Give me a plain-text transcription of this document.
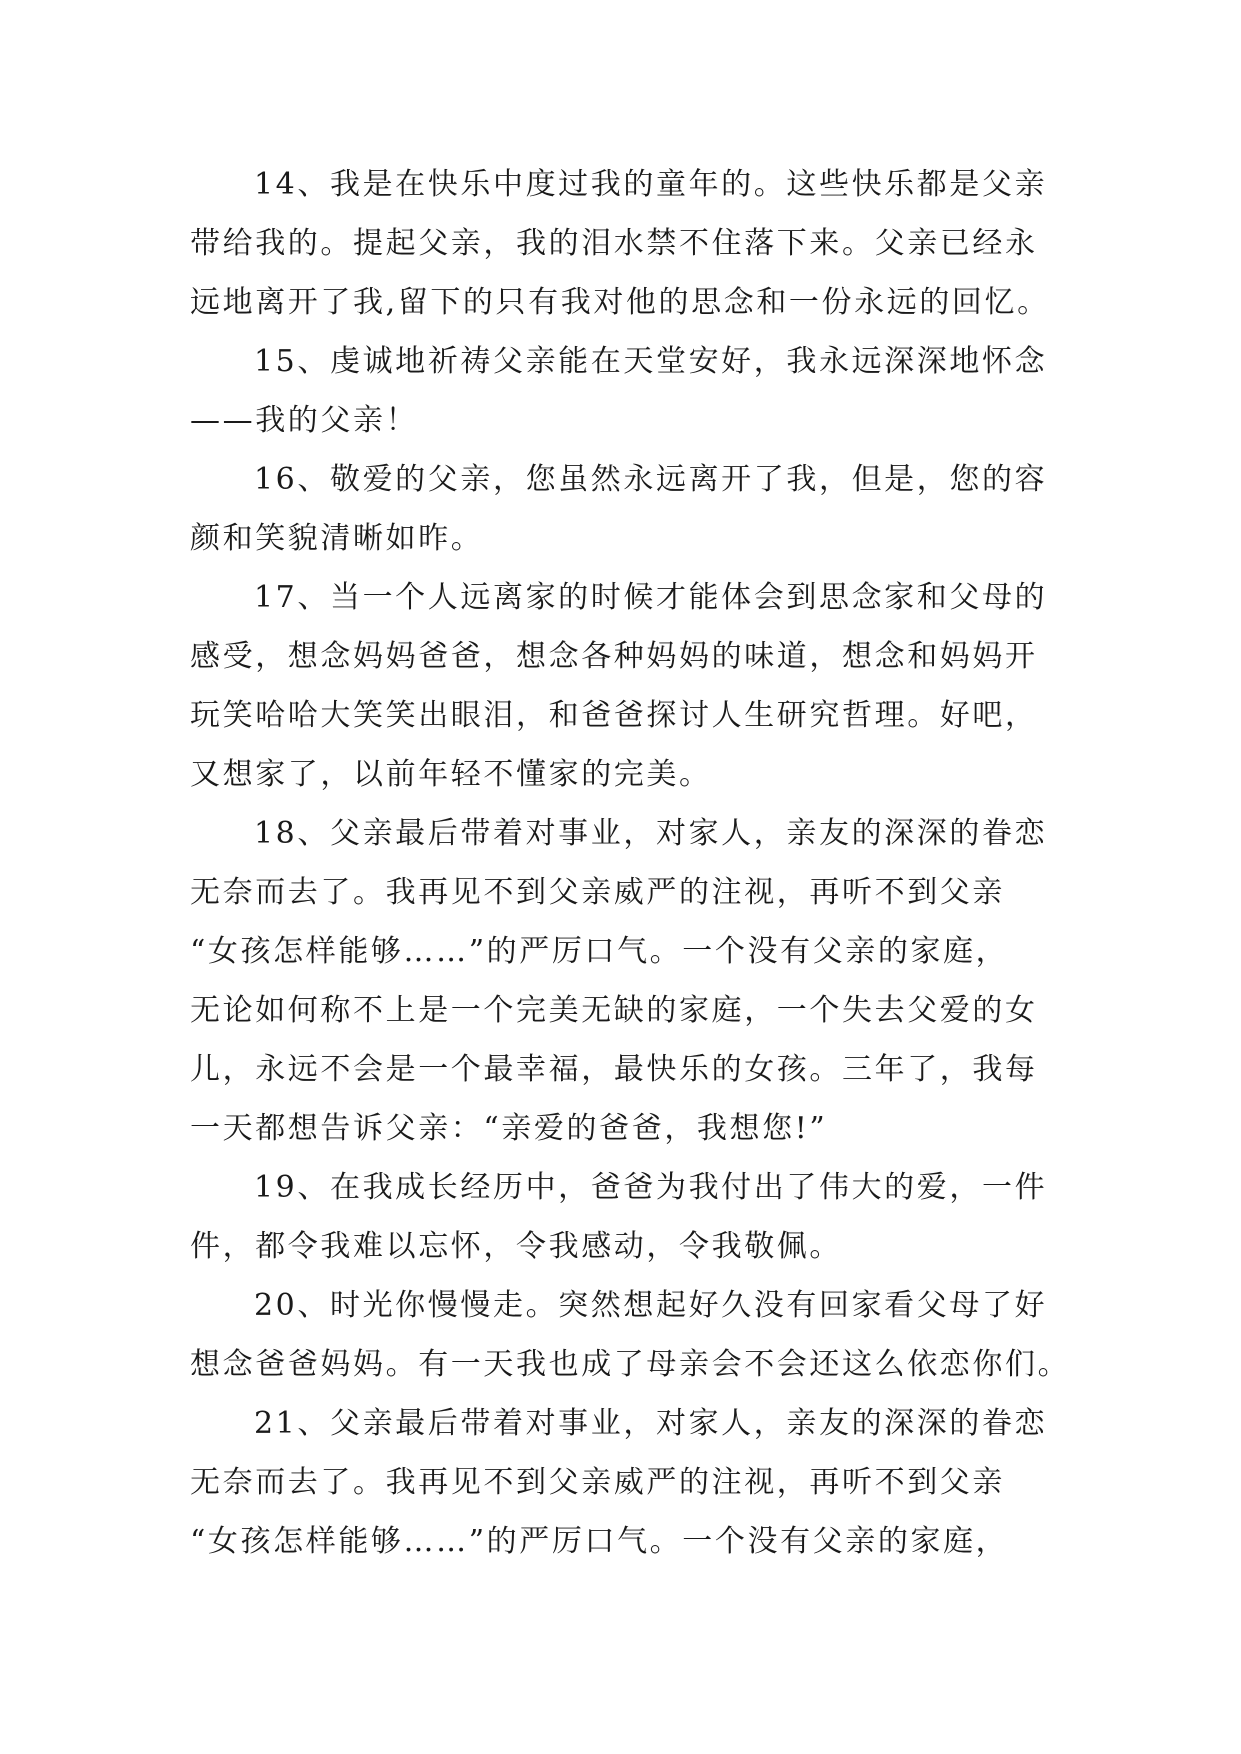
14、我是在快乐中度过我的童年的。这些快乐都是父亲
带给我的。提起父亲，我的泪水禁不住落下来。父亲已经永
远地离开了我,留下的只有我对他的思念和一份永远的回忆。
15、虔诚地祈祷父亲能在天堂安好，我永远深深地怀念
——我的父亲！
16、敬爱的父亲，您虽然永远离开了我，但是，您的容
颜和笑貌清晰如昨。
17、当一个人远离家的时候才能体会到思念家和父母的
感受，想念妈妈爸爸，想念各种妈妈的味道，想念和妈妈开
玩笑哈哈大笑笑出眼泪，和爸爸探讨人生研究哲理。好吧，
又想家了，以前年轻不懂家的完美。
18、父亲最后带着对事业，对家人，亲友的深深的眷恋
无奈而去了。我再见不到父亲威严的注视，再听不到父亲
“女孩怎样能够……”的严厉口气。一个没有父亲的家庭，
无论如何称不上是一个完美无缺的家庭，一个失去父爱的女
儿，永远不会是一个最幸福，最快乐的女孩。三年了，我每
一天都想告诉父亲：“亲爱的爸爸，我想您!”
19、在我成长经历中，爸爸为我付出了伟大的爱，一件
件，都令我难以忘怀，令我感动，令我敬佩。
20、时光你慢慢走。突然想起好久没有回家看父母了好
想念爸爸妈妈。有一天我也成了母亲会不会还这么依恋你们。
21、父亲最后带着对事业，对家人，亲友的深深的眷恋
无奈而去了。我再见不到父亲威严的注视，再听不到父亲
“女孩怎样能够……”的严厉口气。一个没有父亲的家庭，
